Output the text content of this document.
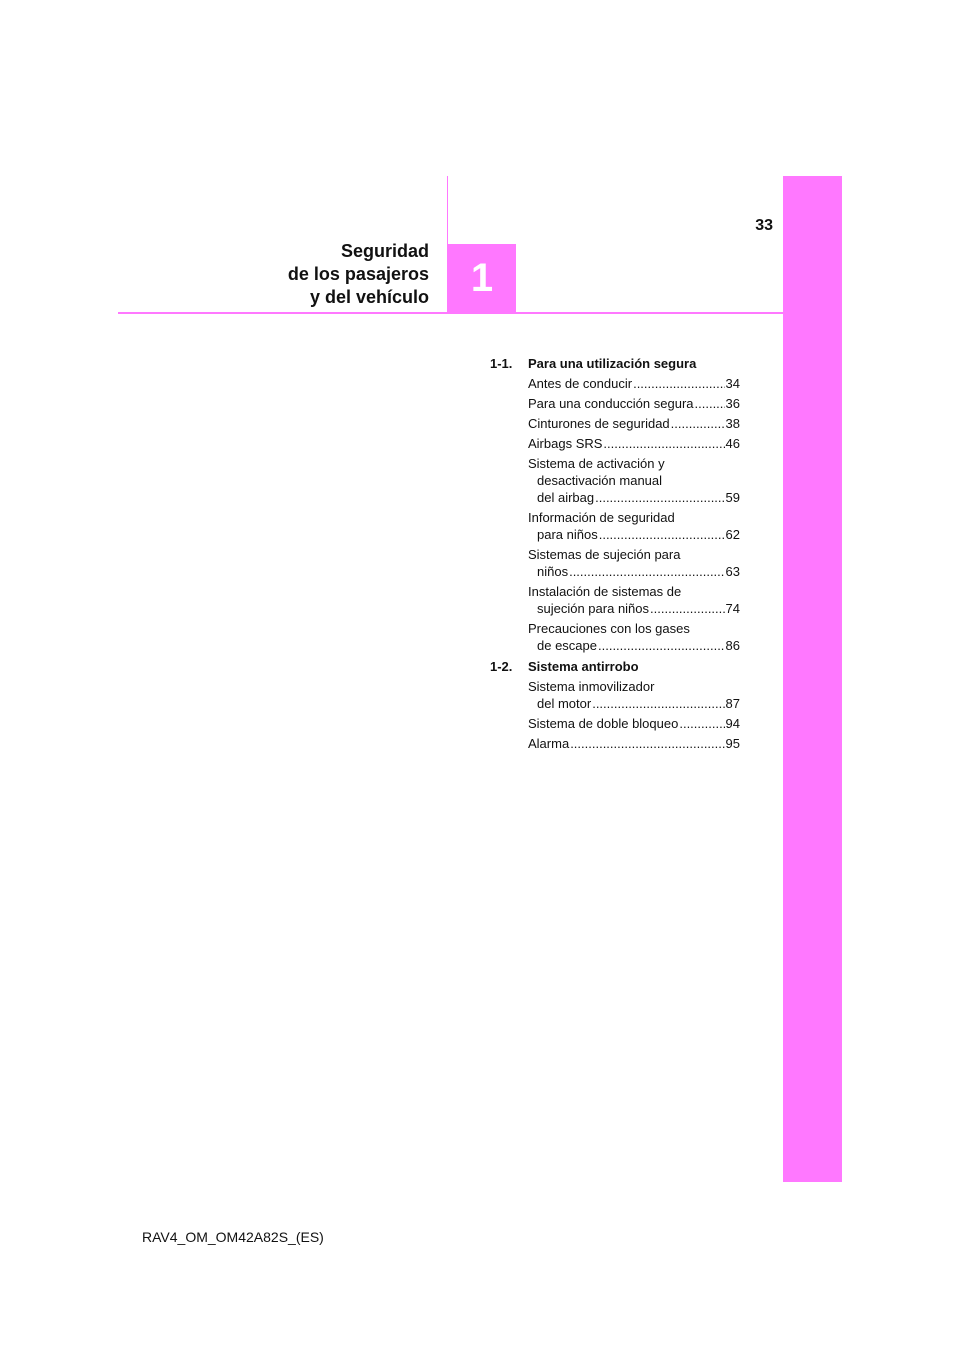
1
33
Seguridad
de los pasajeros
y del vehículo
1-1. Para una utilización segura
Antes de conducir .....	34
Para una conducción segura ..... 36
Cinturones de seguridad .....	38
Airbags SRS .....	46
Sistema de activación y
desactivación manual
del airbag .....	59
Información de seguridad
para niños .....	62
Sistemas de sujeción para
niños .....	63
Instalación de sistemas de
sujeción para niños .....	74
Precauciones con los gases
de escape .....	86
1-2. Sistema antirrobo
Sistema inmovilizador
del motor .....	87
Sistema de doble bloqueo .....	94
Alarma .....	95
RAV4_OM_OM42A82S_(ES)
